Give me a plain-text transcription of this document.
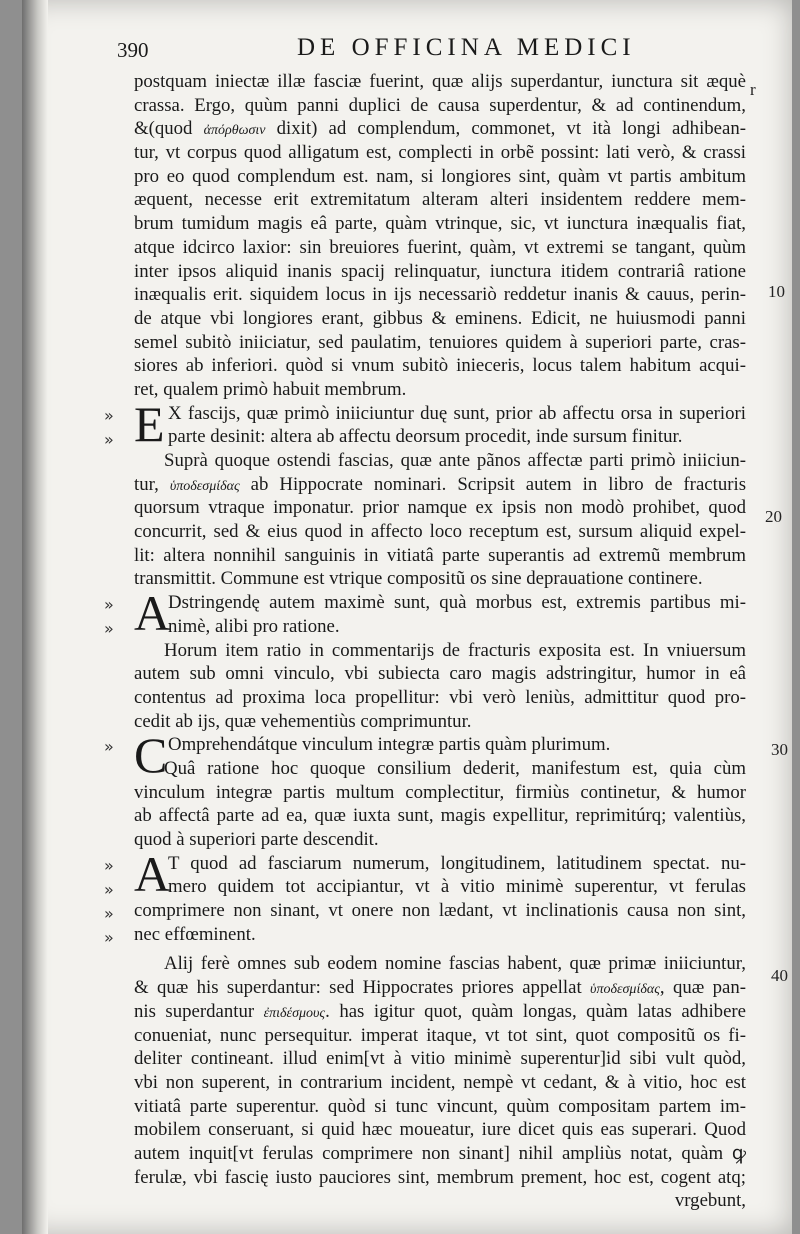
390	DE OFFICINA MEDICI
r
10
20
30
40
postquam iniectæ illæ fasciæ fuerint, quæ alijs superdantur, iunctura sit æquè
crassa. Ergo, quùm panni duplici de causa superdentur, & ad continendum,
&(quod ἀπόρθωσιν dixit) ad complendum, commonet, vt ità longi adhibean-
tur, vt corpus quod alligatum est, complecti in orbẽ possint: lati verò, & crassi
pro eo quod complendum est. nam, si longiores sint, quàm vt partis ambitum
æquent, necesse erit extremitatum alteram alteri insidentem reddere mem-
brum tumidum magis eâ parte, quàm vtrinque, sic, vt iunctura inæqualis fiat,
atque idcirco laxior: sin breuiores fuerint, quàm, vt extremi se tangant, quùm
inter ipsos aliquid inanis spacij relinquatur, iunctura itidem contrariâ ratione
inæqualis erit. siquidem locus in ijs necessariò reddetur inanis & cauus, perin-
de atque vbi longiores erant, gibbus & eminens. Edicit, ne huiusmodi panni
semel subitò iniiciatur, sed paulatim, tenuiores quidem à superiori parte, cras-
siores ab inferiori. quòd si vnum subitò inieceris, locus talem habitum acqui-
ret, qualem primò habuit membrum.
»
» E X fascijs, quæ primò iniiciuntur duę sunt, prior ab affectu orsa in superiori
parte desinit: altera ab affectu deorsum procedit, inde sursum finitur.
Suprà quoque ostendi fascias, quæ ante pãnos affectæ parti primò iniiciun-
tur, ὑποδεσμίδας ab Hippocrate nominari. Scripsit autem in libro de fracturis
quorsum vtraque imponatur. prior namque ex ipsis non modò prohibet, quod
concurrit, sed & eius quod in affecto loco receptum est, sursum aliquid expel-
lit: altera nonnihil sanguinis in vitiatâ parte superantis ad extremũ membrum
transmittit. Commune est vtrique compositũ os sine deprauatione continere.
»
» A
Dstringendę autem maximè sunt, quà morbus est, extremis partibus mi-
nimè, alibi pro ratione.
Horum item ratio in commentarijs de fracturis exposita est. In vniuersum
autem sub omni vinculo, vbi subiecta caro magis adstringitur, humor in eâ
contentus ad proxima loca propellitur: vbi verò leniùs, admittitur quod pro-
cedit ab ijs, quæ vehementiùs comprimuntur.
» C Omprehendátque vinculum integræ partis quàm plurimum.
Quâ ratione hoc quoque consilium dederit, manifestum est, quia cùm
vinculum integræ partis multum complectitur, firmiùs continetur, & humor
ab affectâ parte ad ea, quæ iuxta sunt, magis expellitur, reprimitúrq; valentiùs,
quod à superiori parte descendit.
»
»
»
»
A
T quod ad fasciarum numerum, longitudinem, latitudinem spectat. nu-
mero quidem tot accipiantur, vt à vitio minimè superentur, vt ferulas
comprimere non sinant, vt onere non lædant, vt inclinationis causa non sint,
nec effœminent.
Alij ferè omnes sub eodem nomine fascias habent, quæ primæ iniiciuntur,
& quæ his superdantur: sed Hippocrates priores appellat ὑποδεσμίδας, quæ pan-
nis superdantur ἐπιδέσμους. has igitur quot, quàm longas, quàm latas adhibere
conueniat, nunc persequitur. imperat itaque, vt tot sint, quot compositũ os fi-
deliter contineant. illud enim[vt à vitio minimè superentur]id sibi vult quòd,
vbi non superent, in contrarium incident, nempè vt cedant, & à vitio, hoc est
vitiatâ parte superentur. quòd si tunc vincunt, quùm compositam partem im-
mobilem conseruant, si quid hæc moueatur, iure dicet quis eas superari. Quod
autem inquit[vt ferulas comprimere non sinant] nihil ampliùs notat, quàm ꝙ
ferulæ, vbi fascię iusto pauciores sint, membrum prement, hoc est, cogent atq;
vrgebunt,
